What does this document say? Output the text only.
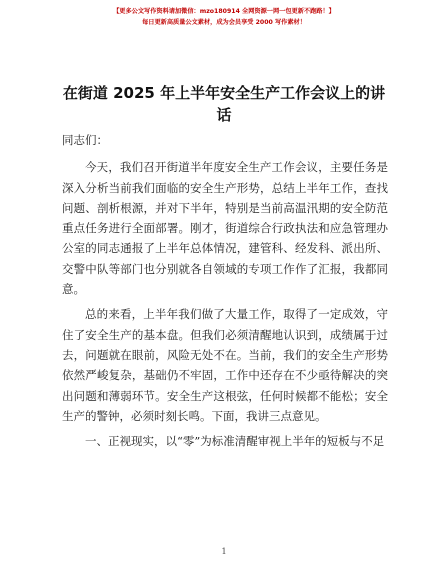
【更多公文写作资料请加微信：mzo180914 全网资源一网一包更新不跑路！】
每日更新高质量公文素材，成为会员享受 2000 写作素材！
在街道 2025 年上半年安全生产工作会议上的讲话

同志们：

今天，我们召开街道半年度安全生产工作会议，主要任务是深入分析当前我们面临的安全生产形势，总结上半年工作，查找问题、剖析根源，并对下半年，特别是当前高温汛期的安全防范重点任务进行全面部署。刚才，街道综合行政执法和应急管理办公室的同志通报了上半年总体情况，建管科、经发科、派出所、交警中队等部门也分别就各自领域的专项工作作了汇报，我都同意。

总的来看，上半年我们做了大量工作，取得了一定成效，守住了安全生产的基本盘。但我们必须清醒地认识到，成绩属于过去，问题就在眼前，风险无处不在。当前，我们的安全生产形势依然严峻复杂，基础仍不牢固，工作中还存在不少亟待解决的突出问题和薄弱环节。安全生产这根弦，任何时候都不能松；安全生产的警钟，必须时刻长鸣。下面，我讲三点意见。

一、正视现实，以“零”为标准清醒审视上半年的短板与不足

1
